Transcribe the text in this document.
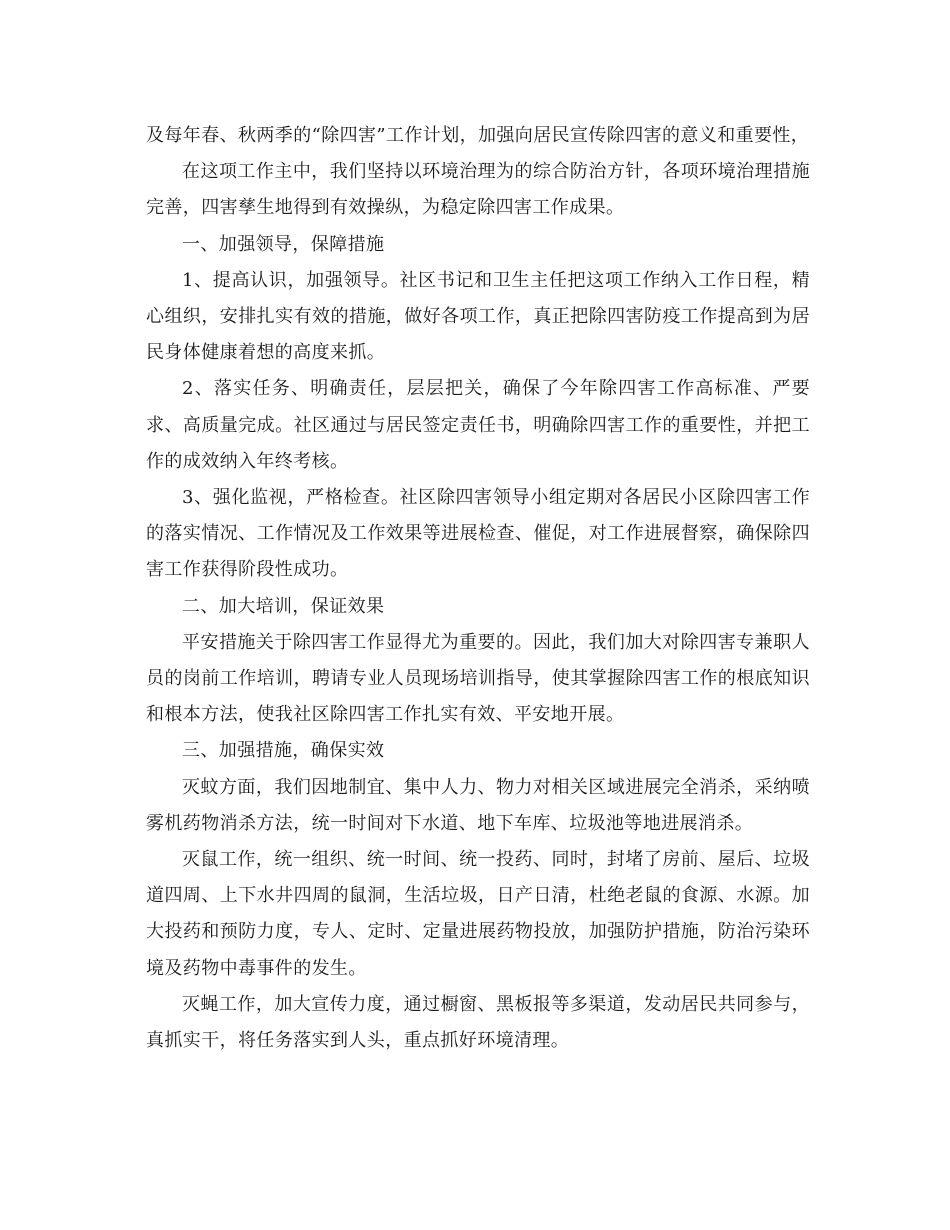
及每年春、秋两季的“除四害”工作计划，加强向居民宣传除四害的意义和重要性，

在这项工作主中，我们坚持以环境治理为的综合防治方针，各项环境治理措施完善，四害孳生地得到有效操纵，为稳定除四害工作成果。

一、加强领导，保障措施

1、提高认识，加强领导。社区书记和卫生主任把这项工作纳入工作日程，精心组织，安排扎实有效的措施，做好各项工作，真正把除四害防疫工作提高到为居民身体健康着想的高度来抓。

2、落实任务、明确责任，层层把关，确保了今年除四害工作高标准、严要求、高质量完成。社区通过与居民签定责任书，明确除四害工作的重要性，并把工作的成效纳入年终考核。

3、强化监视，严格检查。社区除四害领导小组定期对各居民小区除四害工作的落实情况、工作情况及工作效果等进展检查、催促，对工作进展督察，确保除四害工作获得阶段性成功。

二、加大培训，保证效果

平安措施关于除四害工作显得尤为重要的。因此，我们加大对除四害专兼职人员的岗前工作培训，聘请专业人员现场培训指导，使其掌握除四害工作的根底知识和根本方法，使我社区除四害工作扎实有效、平安地开展。

三、加强措施，确保实效

灭蚊方面，我们因地制宜、集中人力、物力对相关区域进展完全消杀，采纳喷雾机药物消杀方法，统一时间对下水道、地下车库、垃圾池等地进展消杀。

灭鼠工作，统一组织、统一时间、统一投药、同时，封堵了房前、屋后、垃圾道四周、上下水井四周的鼠洞，生活垃圾，日产日清，杜绝老鼠的食源、水源。加大投药和预防力度，专人、定时、定量进展药物投放，加强防护措施，防治污染环境及药物中毒事件的发生。

灭蝇工作，加大宣传力度，通过橱窗、黑板报等多渠道，发动居民共同参与，真抓实干，将任务落实到人头，重点抓好环境清理。
